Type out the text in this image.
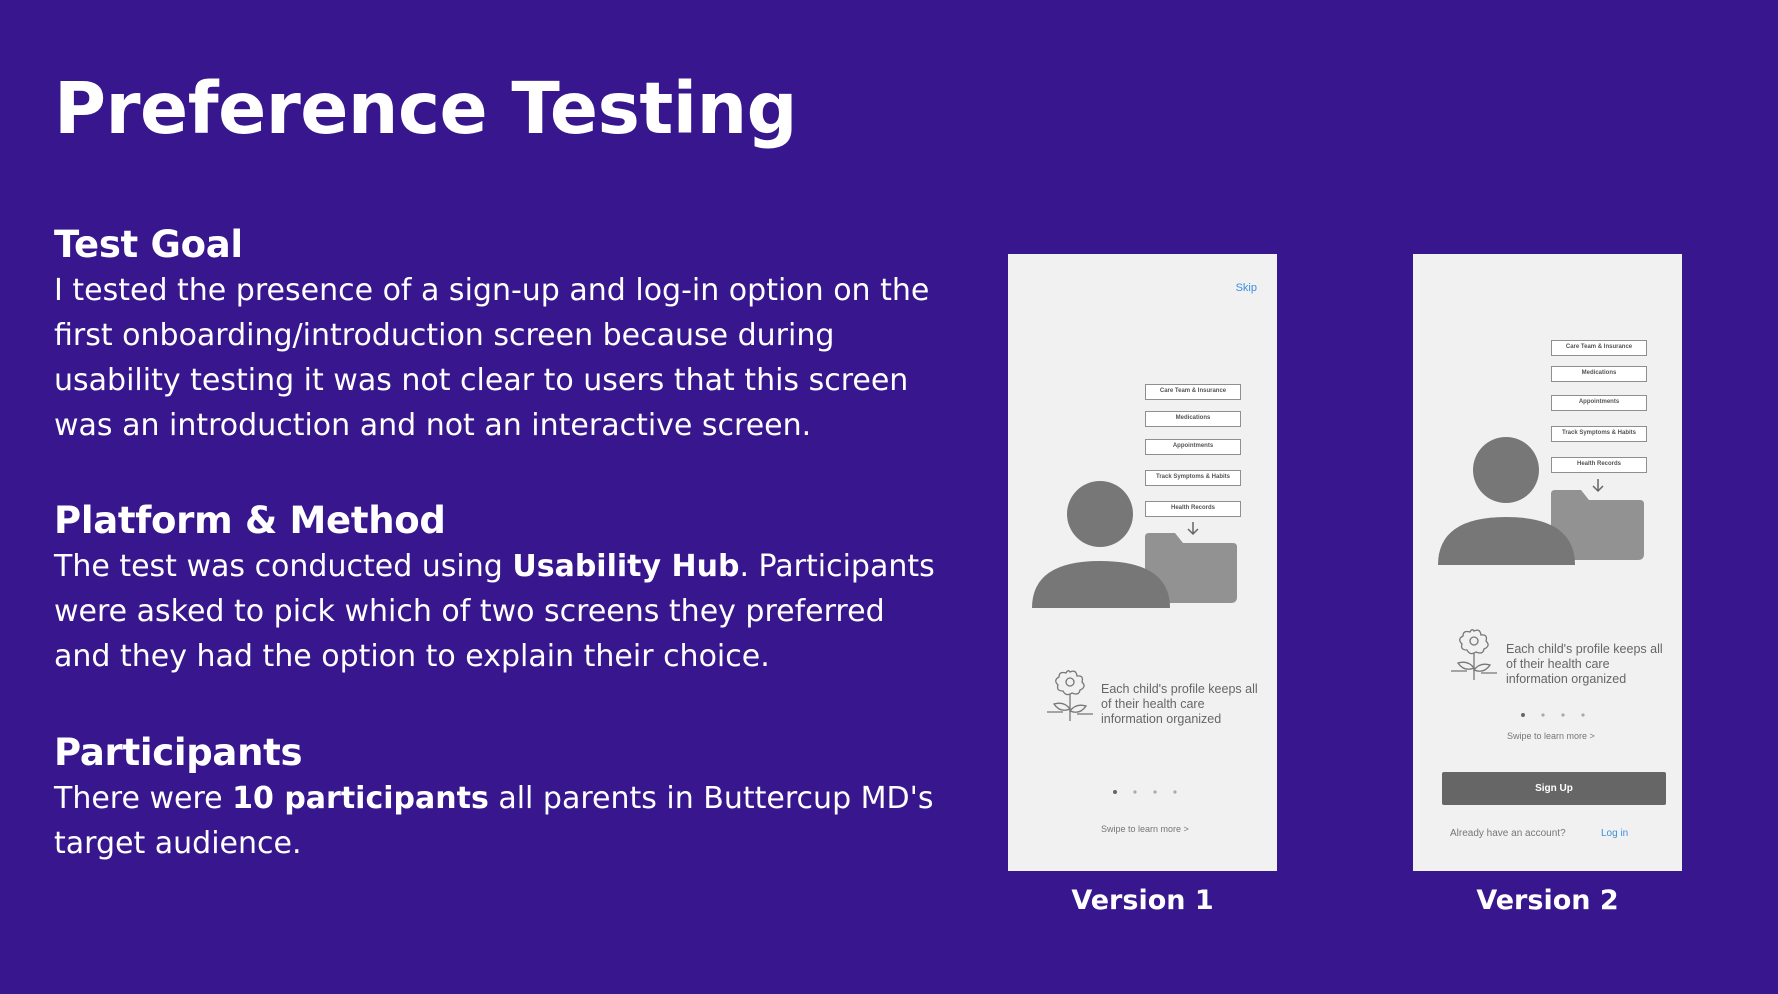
Preference Testing
Test Goal

I tested the presence of a sign-up and log-in option on the first onboarding/introduction screen because during usability testing it was not clear to users that this screen was an introduction and not an interactive screen.

Platform & Method

The test was conducted using Usability Hub. Participants were asked to pick which of two screens they preferred and they had the option to explain their choice.

Participants

There were 10 participants all parents in Buttercup MD's target audience.

Skip
Care Team & Insurance
Medications
Appointments
Track Symptoms & Habits
Health Records
Each child's profile keeps all of their health care information organized
Swipe to learn more >
Version 1
Care Team & Insurance
Medications
Appointments
Track Symptoms & Habits
Health Records
Each child's profile keeps all of their health care information organized
Swipe to learn more >
Sign Up
Already have an account?	Log in
Version 2
